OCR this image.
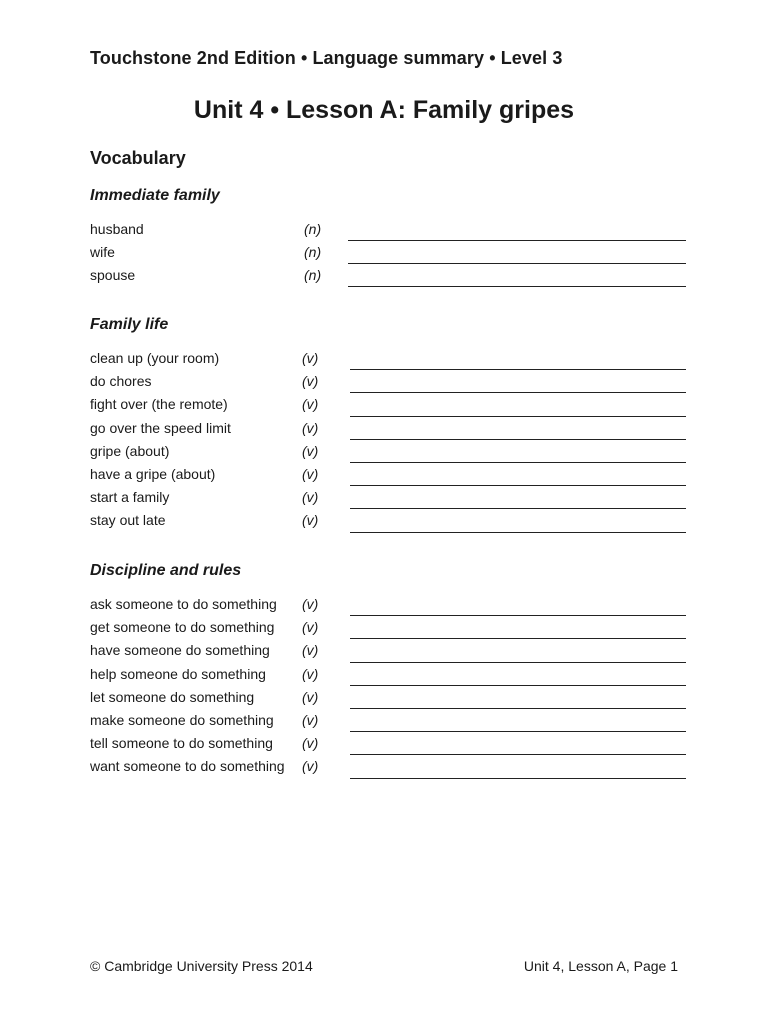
Touchstone 2nd Edition • Language summary • Level 3
Unit 4 • Lesson A: Family gripes
Vocabulary
Immediate family
husband	(n)
wife	(n)
spouse	(n)
Family life
clean up (your room)	(v)
do chores	(v)
fight over (the remote)	(v)
go over the speed limit	(v)
gripe (about)	(v)
have a gripe (about)	(v)
start a family	(v)
stay out late	(v)
Discipline and rules
ask someone to do something (v)
get someone to do something (v)
have someone do something (v)
help someone do something	(v)
let someone do something	(v)
make someone do something (v)
tell someone to do something (v)
want someone to do something (v)
© Cambridge University Press 2014	Unit 4, Lesson A, Page 1
